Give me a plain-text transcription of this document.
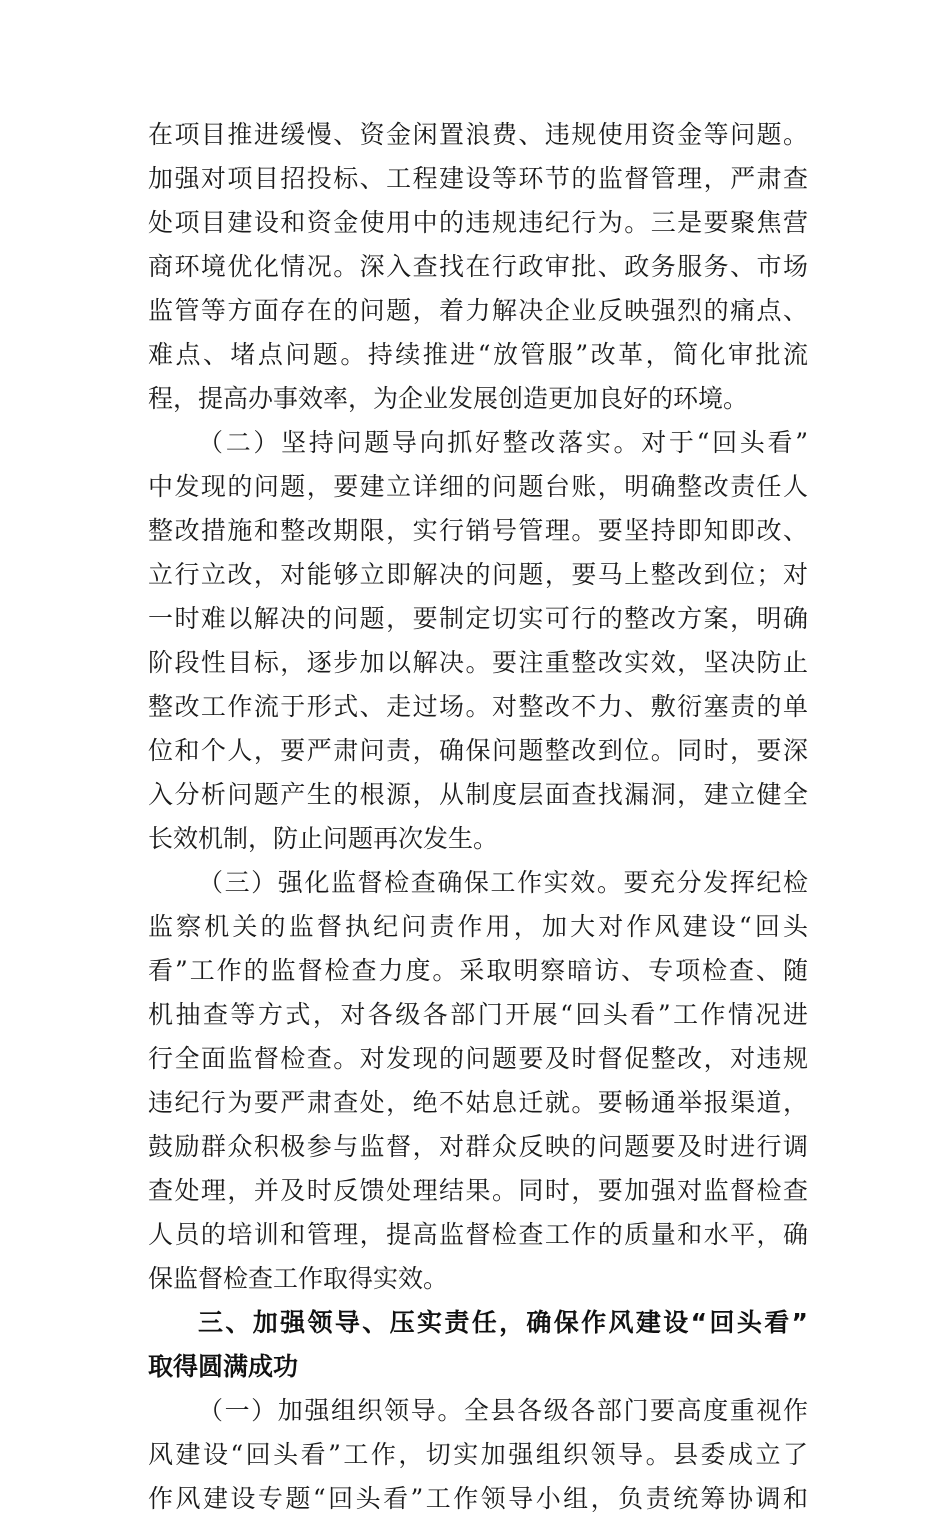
在项目推进缓慢、资金闲置浪费、违规使用资金等问题。
加强对项目招投标、工程建设等环节的监督管理，严肃查
处项目建设和资金使用中的违规违纪行为。三是要聚焦营
商环境优化情况。深入查找在行政审批、政务服务、市场
监管等方面存在的问题，着力解决企业反映强烈的痛点、
难点、堵点问题。持续推进“放管服”改革，简化审批流
程，提高办事效率，为企业发展创造更加良好的环境。
（二）坚持问题导向抓好整改落实。对于“回头看”
中发现的问题，要建立详细的问题台账，明确整改责任人
整改措施和整改期限，实行销号管理。要坚持即知即改、
立行立改，对能够立即解决的问题，要马上整改到位；对
一时难以解决的问题，要制定切实可行的整改方案，明确
阶段性目标，逐步加以解决。要注重整改实效，坚决防止
整改工作流于形式、走过场。对整改不力、敷衍塞责的单
位和个人，要严肃问责，确保问题整改到位。同时，要深
入分析问题产生的根源，从制度层面查找漏洞，建立健全
长效机制，防止问题再次发生。
（三）强化监督检查确保工作实效。要充分发挥纪检
监察机关的监督执纪问责作用，加大对作风建设“回头
看”工作的监督检查力度。采取明察暗访、专项检查、随
机抽查等方式，对各级各部门开展“回头看”工作情况进
行全面监督检查。对发现的问题要及时督促整改，对违规
违纪行为要严肃查处，绝不姑息迁就。要畅通举报渠道，
鼓励群众积极参与监督，对群众反映的问题要及时进行调
查处理，并及时反馈处理结果。同时，要加强对监督检查
人员的培训和管理，提高监督检查工作的质量和水平，确
保监督检查工作取得实效。
三、加强领导、压实责任，确保作风建设“回头看”
取得圆满成功
（一）加强组织领导。全县各级各部门要高度重视作
风建设“回头看”工作，切实加强组织领导。县委成立了
作风建设专题“回头看”工作领导小组，负责统筹协调和
